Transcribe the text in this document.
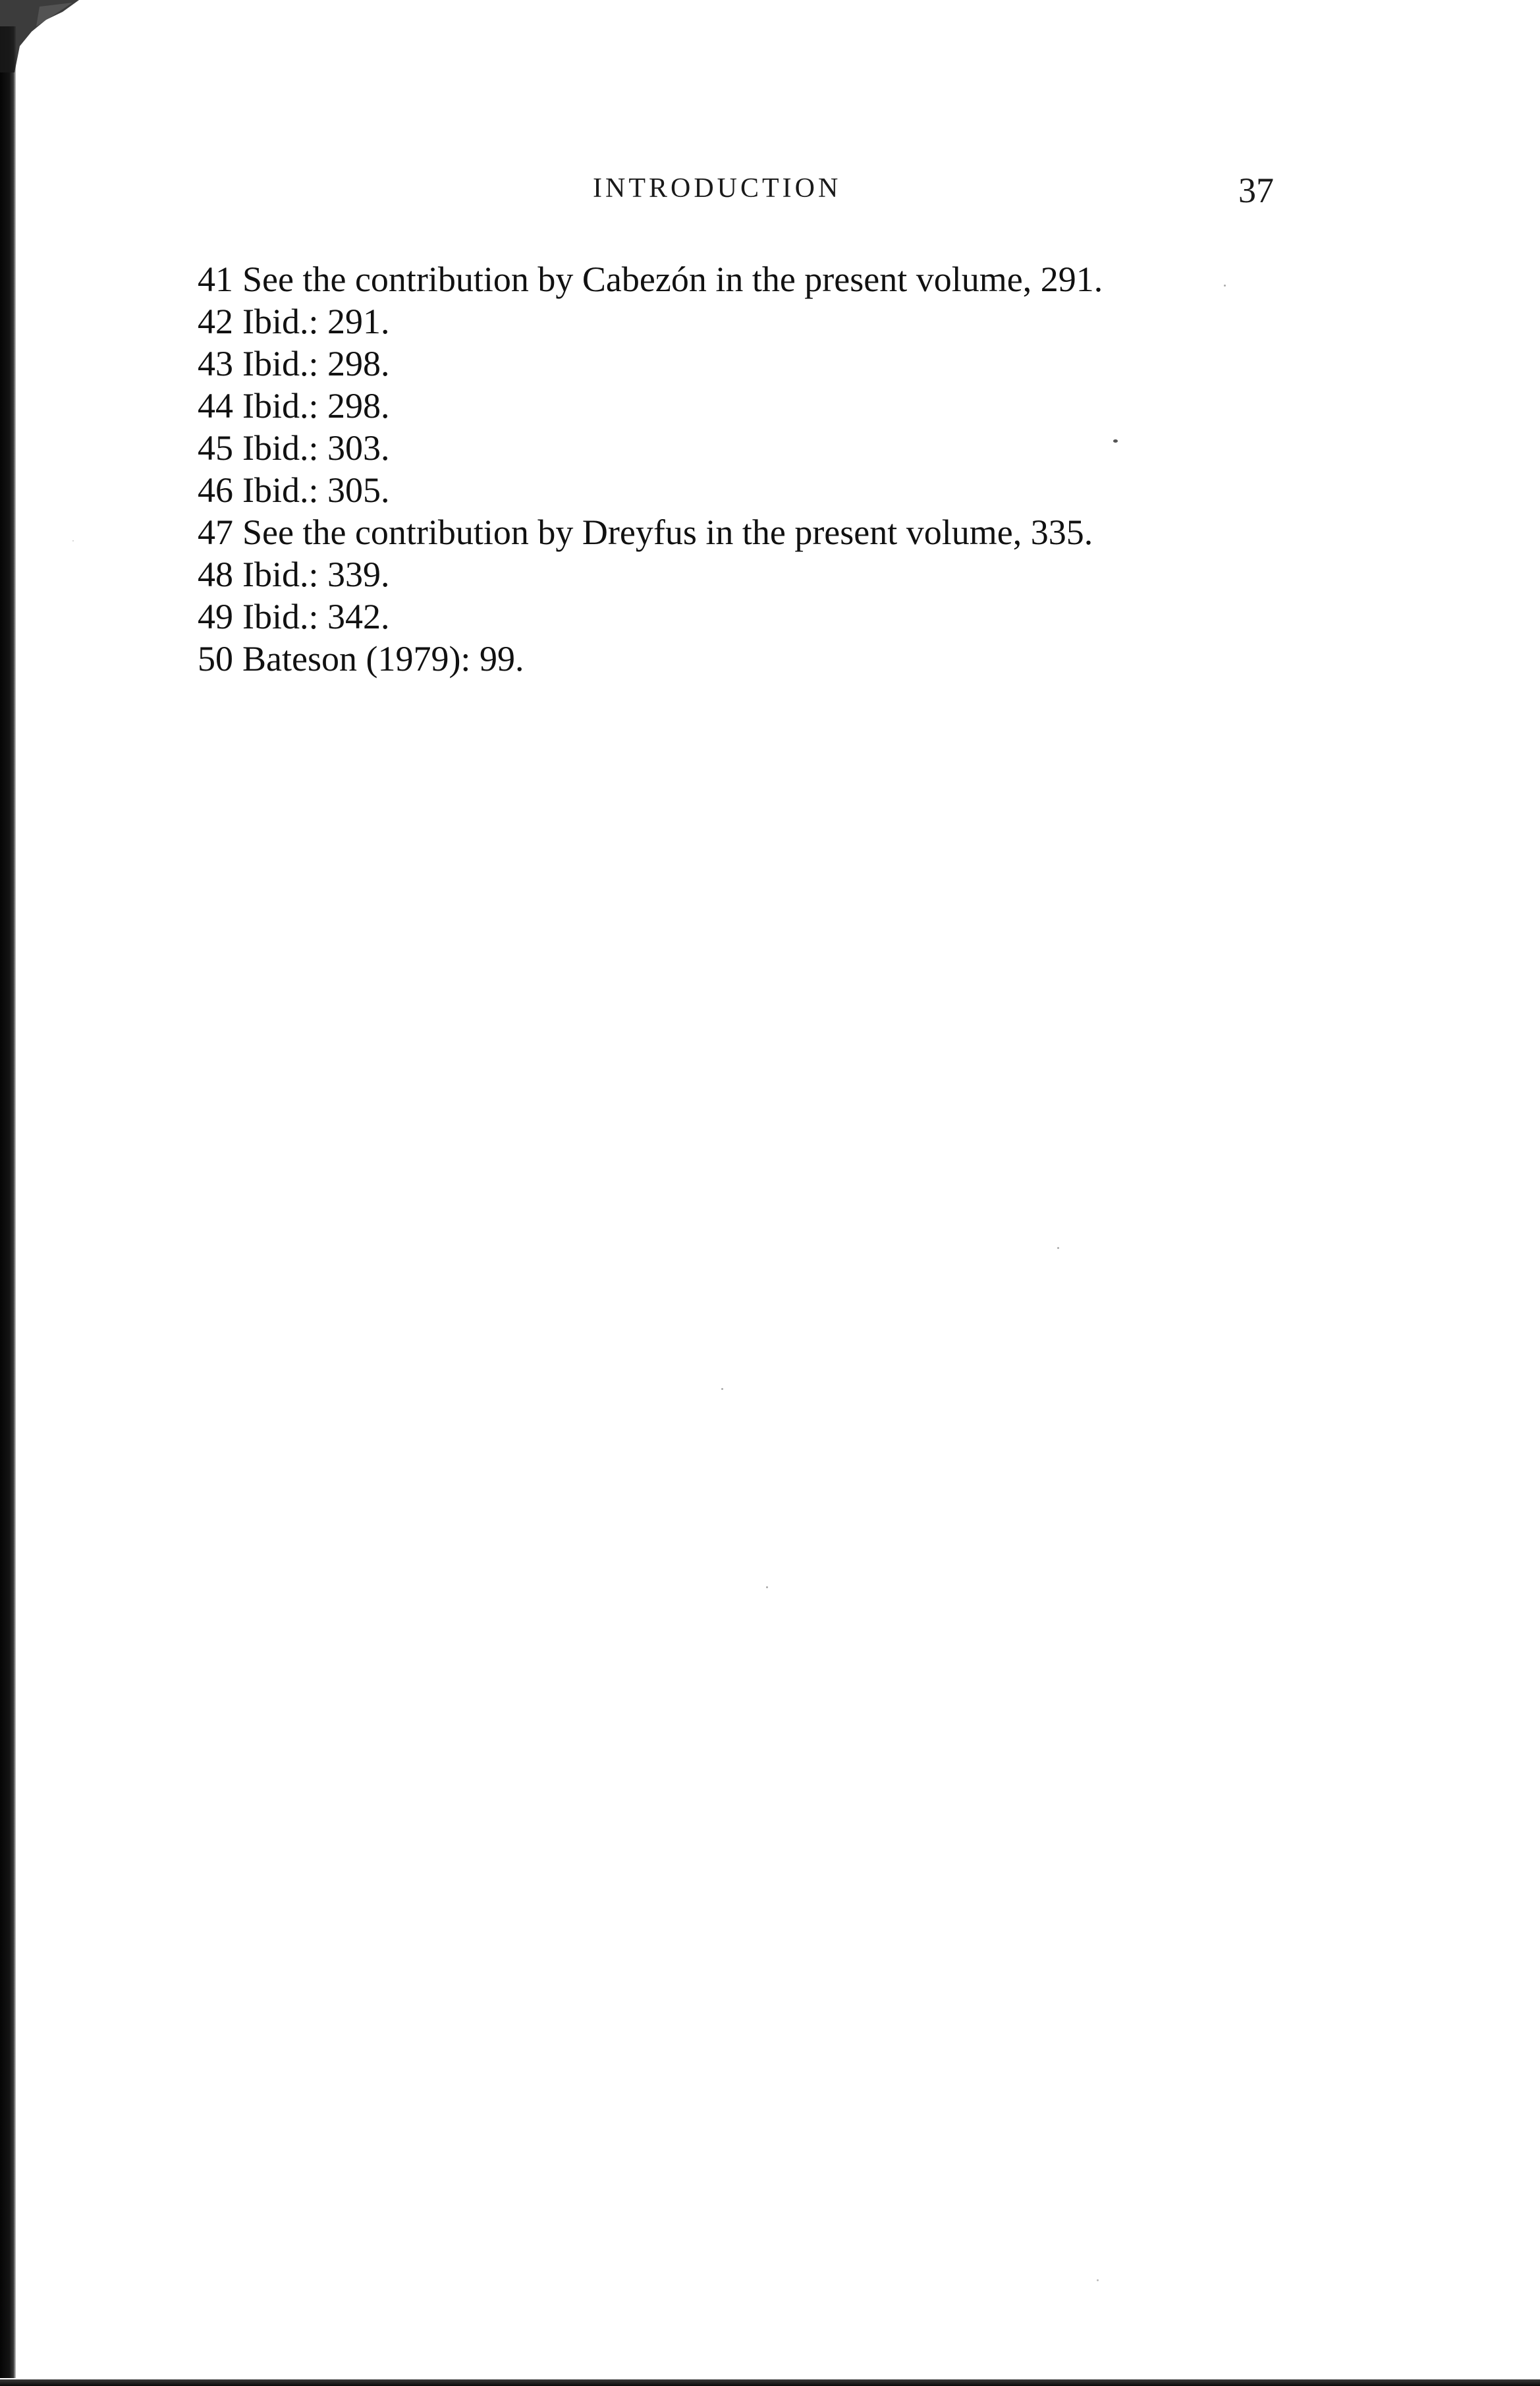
INTRODUCTION	37
41 See the contribution by Cabezón in the present volume, 291.
42 Ibid.: 291.
43 Ibid.: 298.
44 Ibid.: 298.
45 Ibid.: 303.
46 Ibid.: 305.
47 See the contribution by Dreyfus in the present volume, 335.
48 Ibid.: 339.
49 Ibid.: 342.
50 Bateson (1979): 99.
